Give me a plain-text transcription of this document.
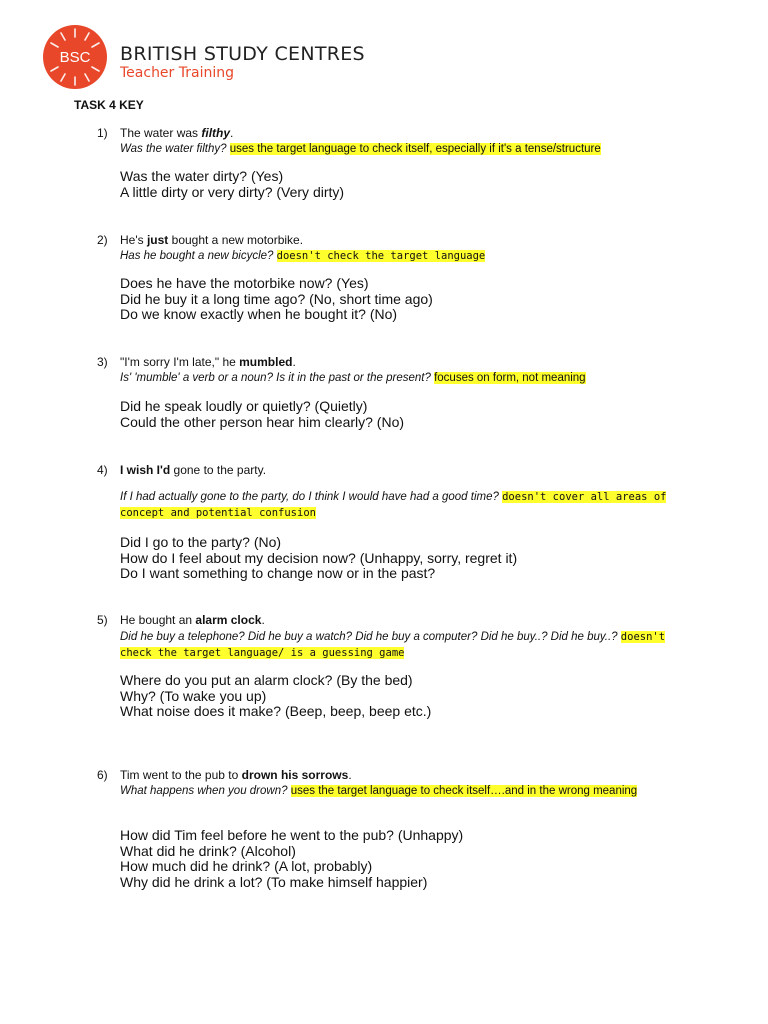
BSC BRITISH STUDY CENTRES
Teacher Training
TASK 4 KEY
1) The water was filthy.
Was the water filthy? uses the target language to check itself, especially if it's a tense/structure
Was the water dirty? (Yes)
A little dirty or very dirty? (Very dirty)
2) He's just bought a new motorbike.
Has he bought a new bicycle? doesn't check the target language
Does he have the motorbike now? (Yes)
Did he buy it a long time ago? (No, short time ago)
Do we know exactly when he bought it? (No)
3) "I'm sorry I'm late," he mumbled.
Is' 'mumble' a verb or a noun? Is it in the past or the present? focuses on form, not meaning
Did he speak loudly or quietly? (Quietly)
Could the other person hear him clearly? (No)
4) I wish I'd gone to the party.
If I had actually gone to the party, do I think I would have had a good time? doesn't cover all areas of concept and potential confusion
Did I go to the party? (No)
How do I feel about my decision now? (Unhappy, sorry, regret it)
Do I want something to change now or in the past?
5) He bought an alarm clock.
Did he buy a telephone? Did he buy a watch? Did he buy a computer? Did he buy..? Did he buy..? doesn't check the target language/ is a guessing game
Where do you put an alarm clock? (By the bed)
Why? (To wake you up)
What noise does it make? (Beep, beep, beep etc.)
6) Tim went to the pub to drown his sorrows.
What happens when you drown? uses the target language to check itself….and in the wrong meaning
How did Tim feel before he went to the pub? (Unhappy)
What did he drink? (Alcohol)
How much did he drink? (A lot, probably)
Why did he drink a lot? (To make himself happier)
